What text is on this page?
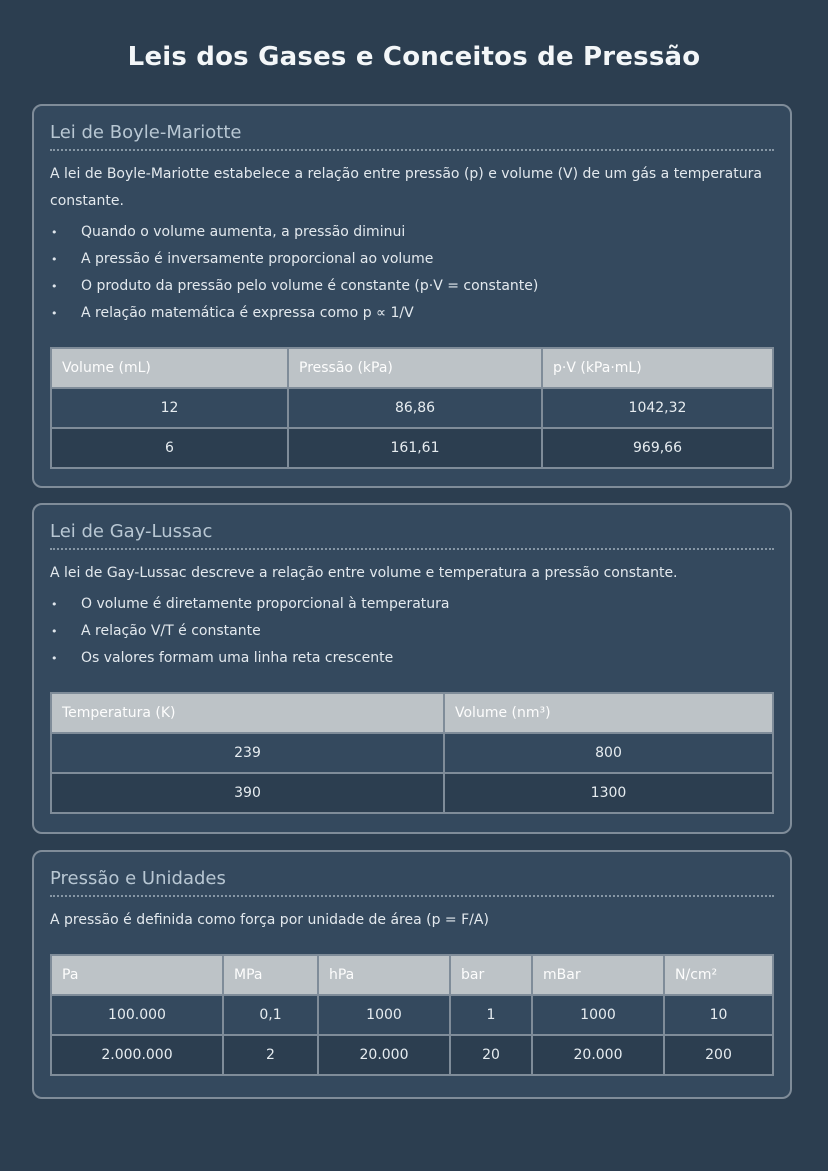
Leis dos Gases e Conceitos de Pressão
Lei de Boyle-Mariotte

A lei de Boyle-Mariotte estabelece a relação entre pressão (p) e volume (V) de um gás a temperatura constante.

• Quando o volume aumenta, a pressão diminui
• A pressão é inversamente proporcional ao volume
• O produto da pressão pelo volume é constante (p·V = constante)
• A relação matemática é expressa como p ∝ 1/V
Volume (mL)	Pressão (kPa)	p·V (kPa·mL)
12	86,86	1042,32
6	161,61	969,66
Lei de Gay-Lussac

A lei de Gay-Lussac descreve a relação entre volume e temperatura a pressão constante.

• O volume é diretamente proporcional à temperatura
• A relação V/T é constante
• Os valores formam uma linha reta crescente
Temperatura (K)	Volume (nm³)
239	800
390	1300
Pressão e Unidades

A pressão é definida como força por unidade de área (p = F/A)

Pa	MPa	hPa	bar	mBar	N/cm²
100.000	0,1	1000	1	1000	10
2.000.000	2	20.000	20	20.000	200
